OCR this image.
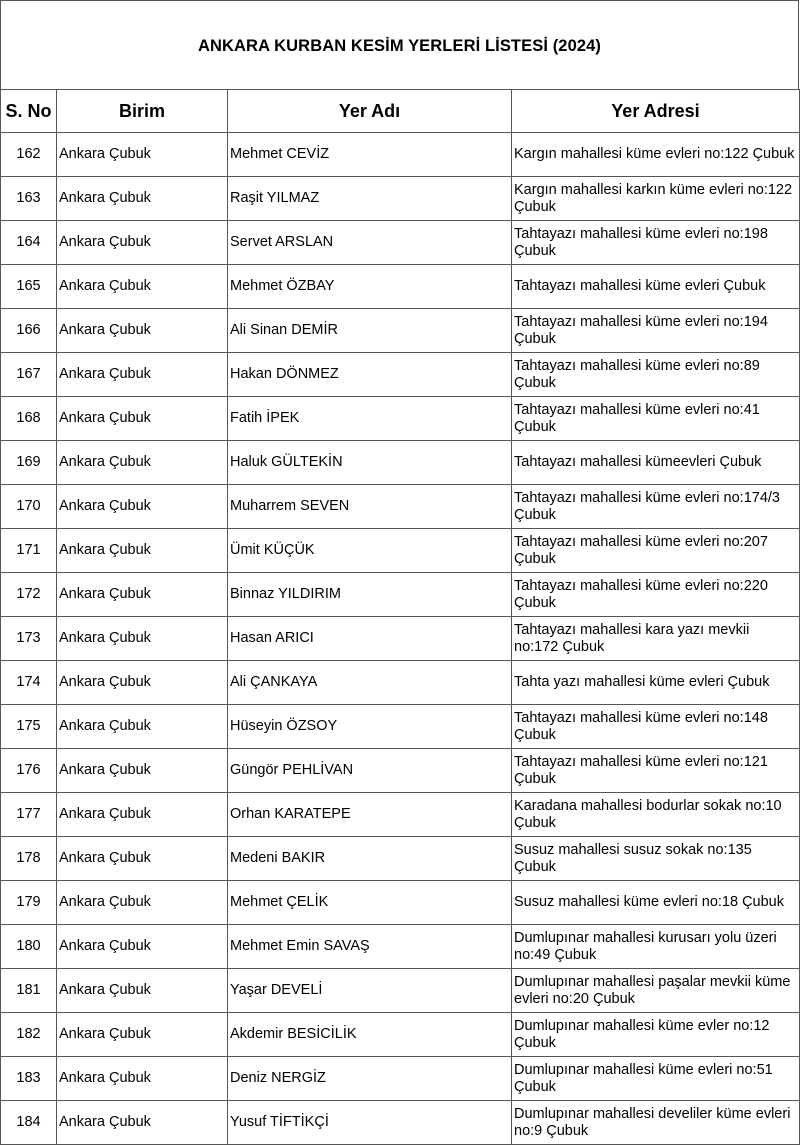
ANKARA KURBAN KESİM YERLERİ LİSTESİ (2024)
S. No	Birim	Yer Adı	Yer Adresi
162	Ankara Çubuk	Mehmet CEVİZ	Kargın mahallesi küme evleri no:122 Çubuk
163	Ankara Çubuk	Raşit YILMAZ	Kargın mahallesi karkın küme evleri no:122 Çubuk
164	Ankara Çubuk	Servet ARSLAN	Tahtayazı mahallesi küme evleri no:198 Çubuk
165	Ankara Çubuk	Mehmet ÖZBAY	Tahtayazı mahallesi küme evleri Çubuk
166	Ankara Çubuk	Ali Sinan DEMİR	Tahtayazı mahallesi küme evleri no:194 Çubuk
167	Ankara Çubuk	Hakan DÖNMEZ	Tahtayazı mahallesi küme evleri no:89 Çubuk
168	Ankara Çubuk	Fatih İPEK	Tahtayazı mahallesi küme evleri no:41 Çubuk
169	Ankara Çubuk	Haluk GÜLTEKİN	Tahtayazı mahallesi kümeevleri Çubuk
170	Ankara Çubuk	Muharrem SEVEN	Tahtayazı mahallesi küme evleri no:174/3 Çubuk
171	Ankara Çubuk	Ümit KÜÇÜK	Tahtayazı mahallesi küme evleri no:207 Çubuk
172	Ankara Çubuk	Binnaz YILDIRIM	Tahtayazı mahallesi küme evleri no:220 Çubuk
173	Ankara Çubuk	Hasan ARICI	Tahtayazı mahallesi kara yazı mevkii no:172 Çubuk
174	Ankara Çubuk	Ali ÇANKAYA	Tahta yazı mahallesi küme evleri Çubuk
175	Ankara Çubuk	Hüseyin ÖZSOY	Tahtayazı mahallesi küme evleri no:148 Çubuk
176	Ankara Çubuk	Güngör PEHLİVAN	Tahtayazı mahallesi küme evleri no:121 Çubuk
177	Ankara Çubuk	Orhan KARATEPE	Karadana mahallesi bodurlar sokak no:10 Çubuk
178	Ankara Çubuk	Medeni BAKIR	Susuz mahallesi susuz sokak no:135 Çubuk
179	Ankara Çubuk	Mehmet ÇELİK	Susuz mahallesi küme evleri no:18 Çubuk
180	Ankara Çubuk	Mehmet Emin SAVAŞ	Dumlupınar mahallesi kurusarı yolu üzeri no:49 Çubuk
181	Ankara Çubuk	Yaşar DEVELİ	Dumlupınar mahallesi paşalar mevkii küme evleri no:20 Çubuk
182	Ankara Çubuk	Akdemir BESİCİLİK	Dumlupınar mahallesi küme evler no:12 Çubuk
183	Ankara Çubuk	Deniz NERGİZ	Dumlupınar mahallesi küme evleri no:51 Çubuk
184	Ankara Çubuk	Yusuf TİFTİKÇİ	Dumlupınar mahallesi develiler küme evleri no:9 Çubuk
